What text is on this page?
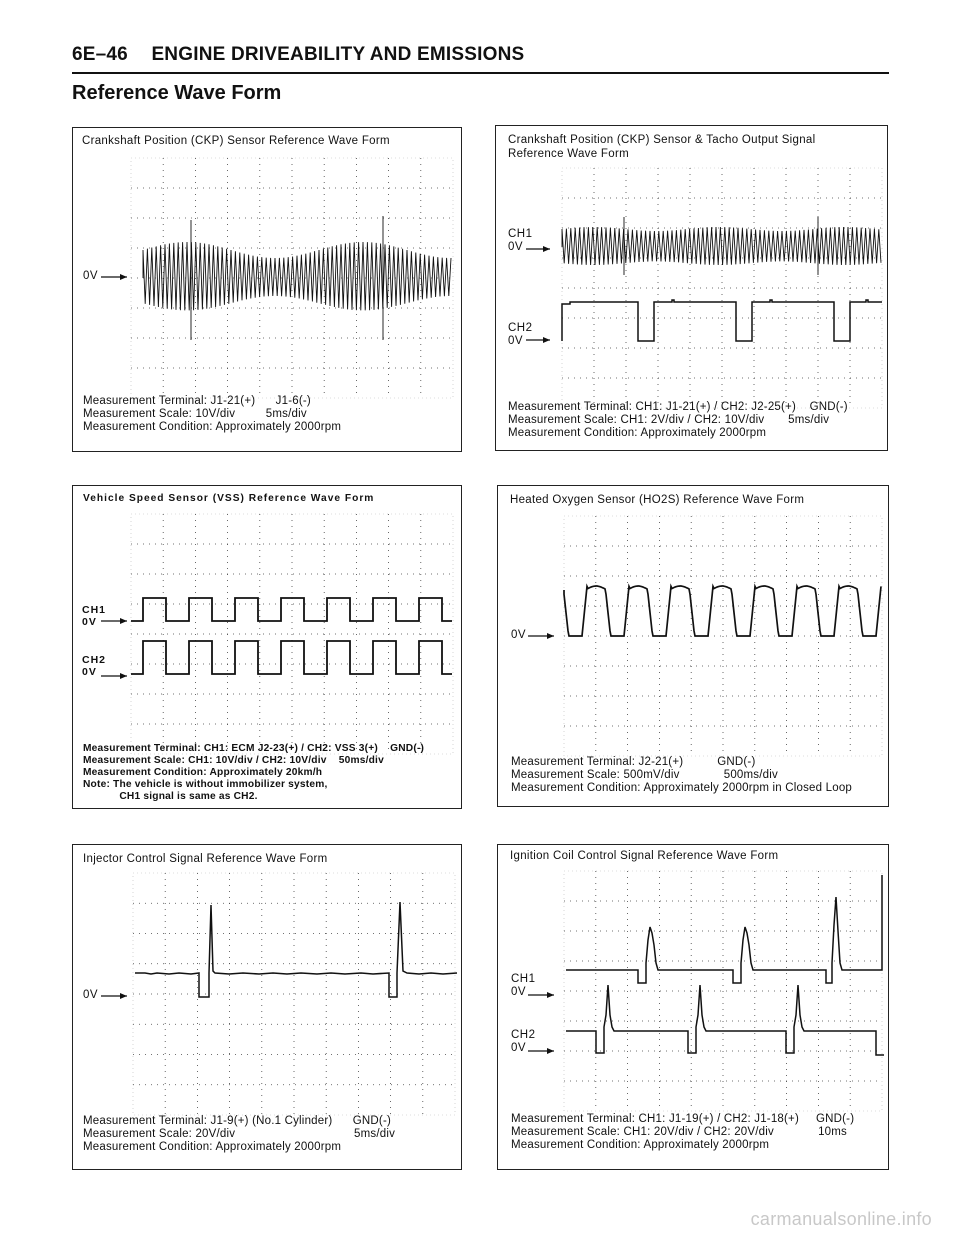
6E–46 ENGINE DRIVEABILITY AND EMISSIONS
Reference Wave Form
Crankshaft Position (CKP) Sensor Reference Wave Form
0V
Measurement Terminal: J1-21(+)      J1-6(-)
Measurement Scale: 10V/div         5ms/div
Measurement Condition: Approximately 2000rpm
Crankshaft Position (CKP) Sensor & Tacho Output Signal
Reference Wave Form
CH1
0V
CH2
0V
Measurement Terminal: CH1: J1-21(+) / CH2: J2-25(+)    GND(-)
Measurement Scale: CH1: 2V/div / CH2: 10V/div       5ms/div
Measurement Condition: Approximately 2000rpm
Vehicle Speed Sensor (VSS) Reference Wave Form
CH1
0V
CH2
0V
Measurement Terminal: CH1: ECM J2-23(+) / CH2: VSS 3(+)    GND(-)
Measurement Scale: CH1: 10V/div / CH2: 10V/div    50ms/div
Measurement Condition: Approximately 20km/h
Note: The vehicle is without immobilizer system,
CH1 signal is same as CH2.
Heated Oxygen Sensor (HO2S) Reference Wave Form
0V
Measurement Terminal: J2-21(+)          GND(-)
Measurement Scale: 500mV/div             500ms/div
Measurement Condition: Approximately 2000rpm in Closed Loop
Injector Control Signal Reference Wave Form
0V
Measurement Terminal: J1-9(+) (No.1 Cylinder)      GND(-)
Measurement Scale: 20V/div                                   5ms/div
Measurement Condition: Approximately 2000rpm
Ignition Coil Control Signal Reference Wave Form
CH1
0V
CH2
0V
Measurement Terminal: CH1: J1-19(+) / CH2: J1-18(+)     GND(-)
Measurement Scale: CH1: 20V/div / CH2: 20V/div             10ms
Measurement Condition: Approximately 2000rpm
carmanualsonline.info
